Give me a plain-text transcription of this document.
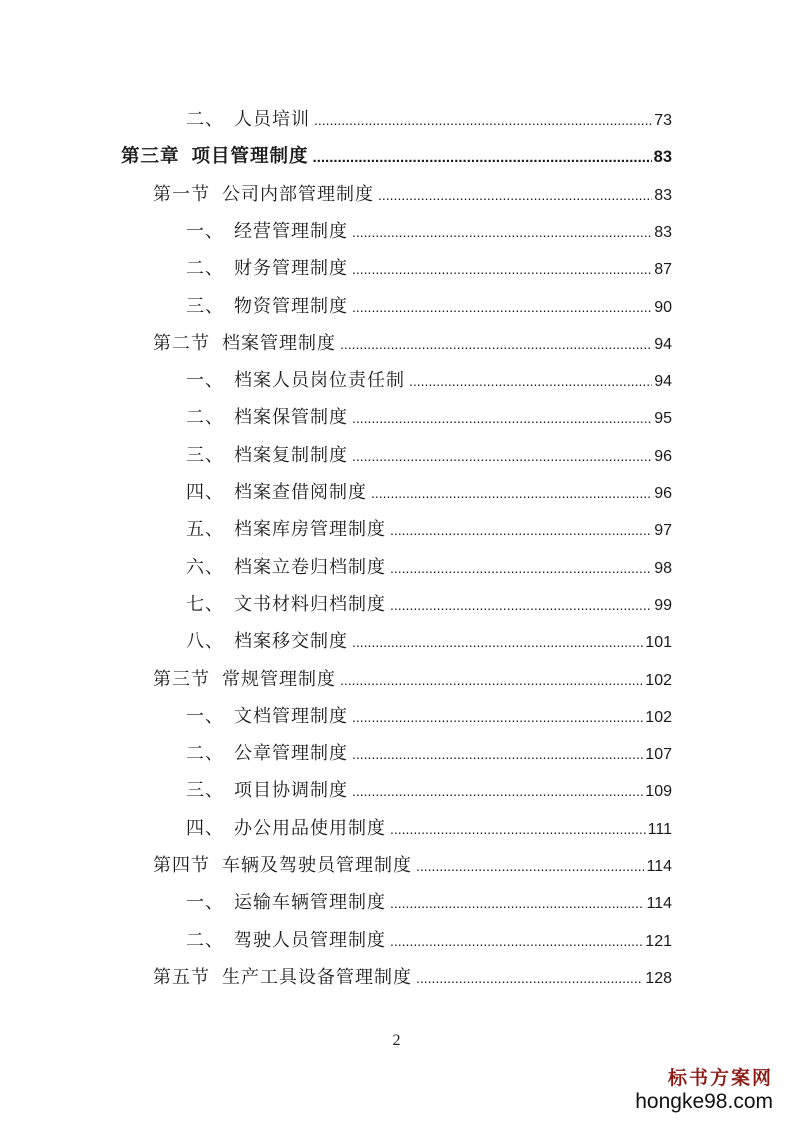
二、 人员培训 .....	73
第三章 项目管理制度 .....	83
第一节 公司内部管理制度 .....	83
一、 经营管理制度 .....	83
二、 财务管理制度 .....	87
三、 物资管理制度 .....	90
第二节 档案管理制度 .....	94
一、 档案人员岗位责任制 .....	94
二、 档案保管制度 .....	95
三、 档案复制制度 .....	96
四、 档案查借阅制度 .....	96
五、 档案库房管理制度 .....	97
六、 档案立卷归档制度 .....	98
七、 文书材料归档制度 .....	99
八、 档案移交制度 .....	101
第三节 常规管理制度 .....	102
一、 文档管理制度 .....	102
二、 公章管理制度 .....	107
三、 项目协调制度 .....	109
四、 办公用品使用制度 .....	111
第四节 车辆及驾驶员管理制度 .....	114
一、 运输车辆管理制度 .....	114
二、 驾驶人员管理制度 .....	121
第五节 生产工具设备管理制度 .....	128
2
标书方案网
hongke98.com
